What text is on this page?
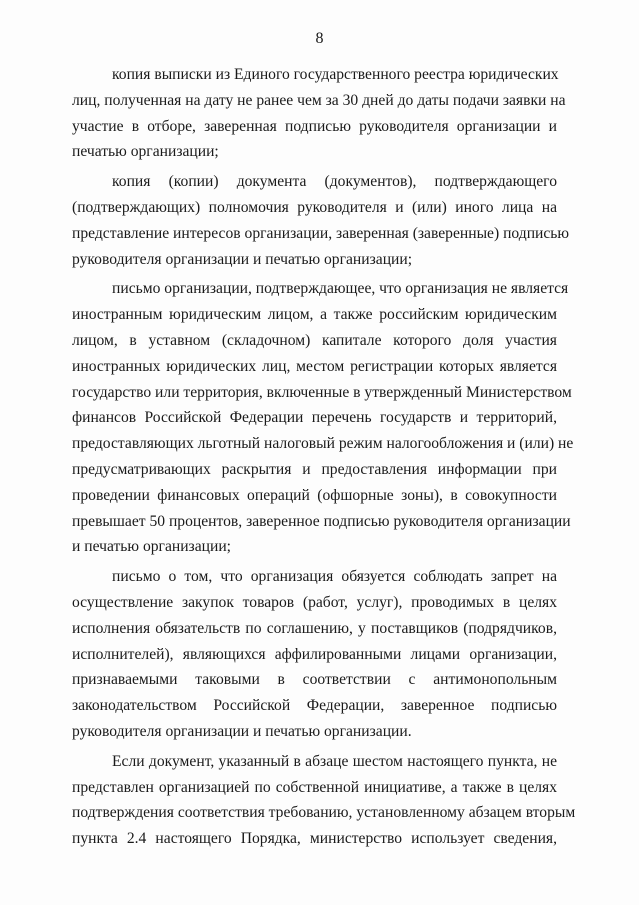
8
копия выписки из Единого государственного реестра юридических
лиц, полученная на дату не ранее чем за 30 дней до даты подачи заявки на
участие в отборе, заверенная подписью руководителя организации и
печатью организации;
копия (копии) документа (документов), подтверждающего
(подтверждающих) полномочия руководителя и (или) иного лица на
представление интересов организации, заверенная (заверенные) подписью
руководителя организации и печатью организации;
письмо организации, подтверждающее, что организация не является
иностранным юридическим лицом, а также российским юридическим
лицом, в уставном (складочном) капитале которого доля участия
иностранных юридических лиц, местом регистрации которых является
государство или территория, включенные в утвержденный Министерством
финансов Российской Федерации перечень государств и территорий,
предоставляющих льготный налоговый режим налогообложения и (или) не
предусматривающих раскрытия и предоставления информации при
проведении финансовых операций (офшорные зоны), в совокупности
превышает 50 процентов, заверенное подписью руководителя организации
и печатью организации;
письмо о том, что организация обязуется соблюдать запрет на
осуществление закупок товаров (работ, услуг), проводимых в целях
исполнения обязательств по соглашению, у поставщиков (подрядчиков,
исполнителей), являющихся аффилированными лицами организации,
признаваемыми таковыми в соответствии с антимонопольным
законодательством Российской Федерации, заверенное подписью
руководителя организации и печатью организации.
Если документ, указанный в абзаце шестом настоящего пункта, не
представлен организацией по собственной инициативе, а также в целях
подтверждения соответствия требованию, установленному абзацем вторым
пункта 2.4 настоящего Порядка, министерство использует сведения,
